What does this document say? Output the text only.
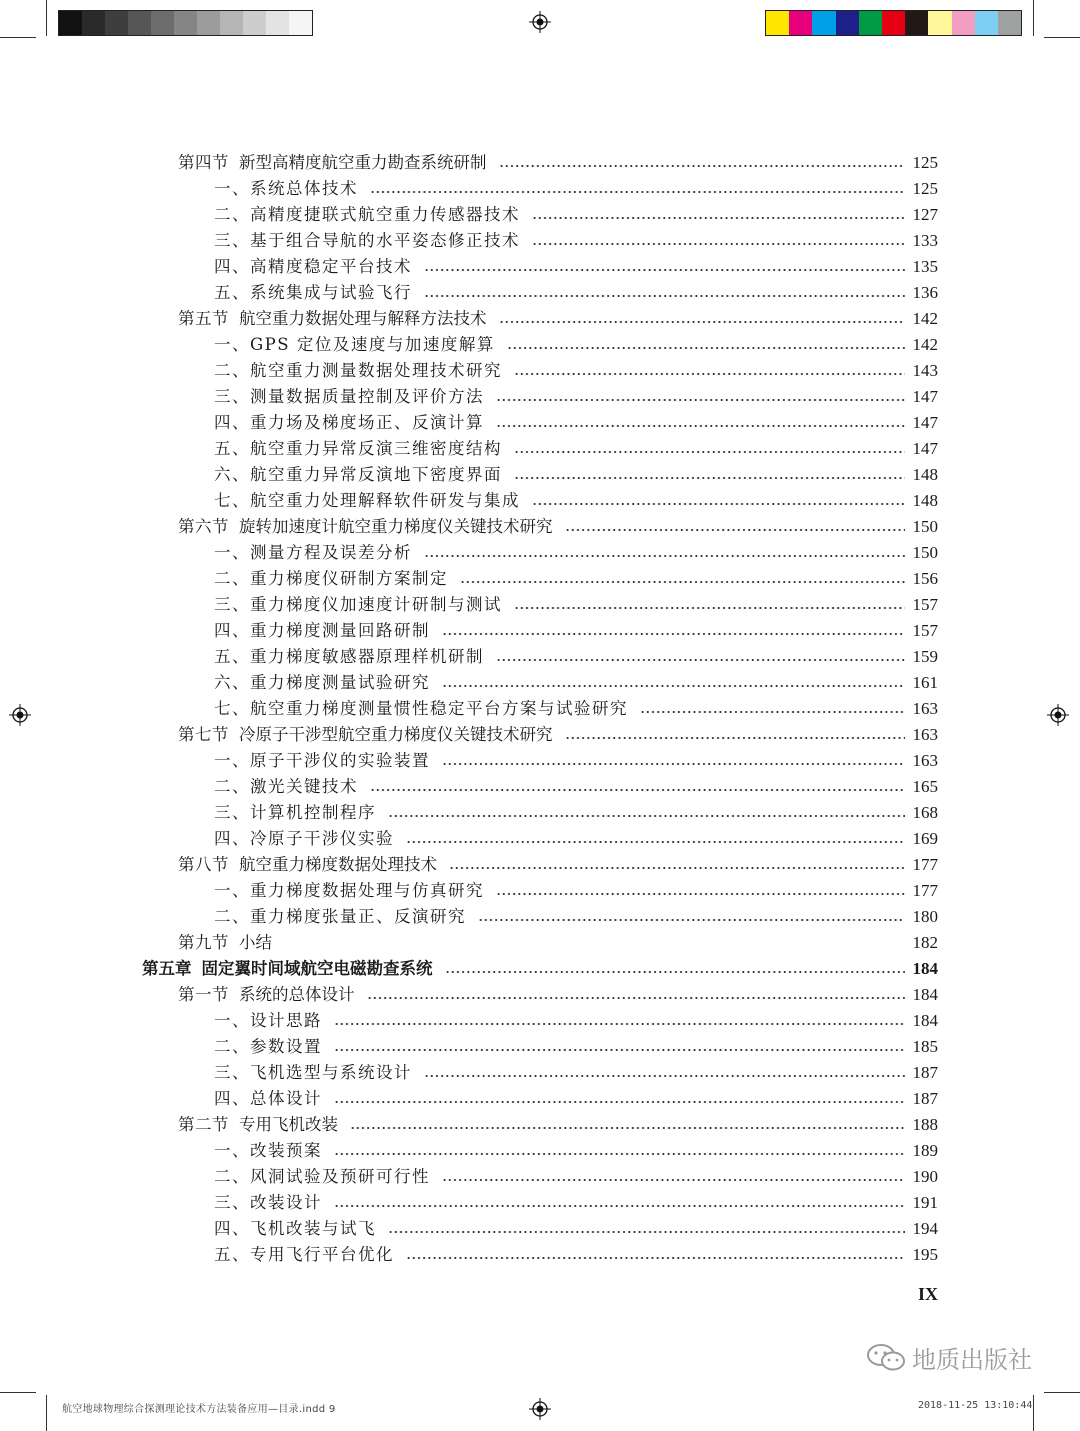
第四节 新型高精度航空重力勘查系统研制	125
一、系统总体技术	125
二、高精度捷联式航空重力传感器技术	127
三、基于组合导航的水平姿态修正技术	133
四、高精度稳定平台技术	135
五、系统集成与试验飞行	136
第五节 航空重力数据处理与解释方法技术	142
一、GPS 定位及速度与加速度解算	142
二、航空重力测量数据处理技术研究	143
三、测量数据质量控制及评价方法	147
四、重力场及梯度场正、反演计算	147
五、航空重力异常反演三维密度结构	147
六、航空重力异常反演地下密度界面	148
七、航空重力处理解释软件研发与集成	148
第六节 旋转加速度计航空重力梯度仪关键技术研究	150
一、测量方程及误差分析	150
二、重力梯度仪研制方案制定	156
三、重力梯度仪加速度计研制与测试	157
四、重力梯度测量回路研制	157
五、重力梯度敏感器原理样机研制	159
六、重力梯度测量试验研究	161
七、航空重力梯度测量惯性稳定平台方案与试验研究	163
第七节 冷原子干涉型航空重力梯度仪关键技术研究	163
一、原子干涉仪的实验装置	163
二、激光关键技术	165
三、计算机控制程序	168
四、冷原子干涉仪实验	169
第八节 航空重力梯度数据处理技术	177
一、重力梯度数据处理与仿真研究	177
二、重力梯度张量正、反演研究	180
第九节 小结	182
第五章 固定翼时间域航空电磁勘查系统	184
第一节 系统的总体设计	184
一、设计思路	184
二、参数设置	185
三、飞机选型与系统设计	187
四、总体设计	187
第二节 专用飞机改装	188
一、改装预案	189
二、风洞试验及预研可行性	190
三、改装设计	191
四、飞机改装与试飞	194
五、专用飞行平台优化	195
IX
地质出版社
航空地球物理综合探测理论技术方法装备应用—目录.indd 9	2018-11-25 13:10:44
